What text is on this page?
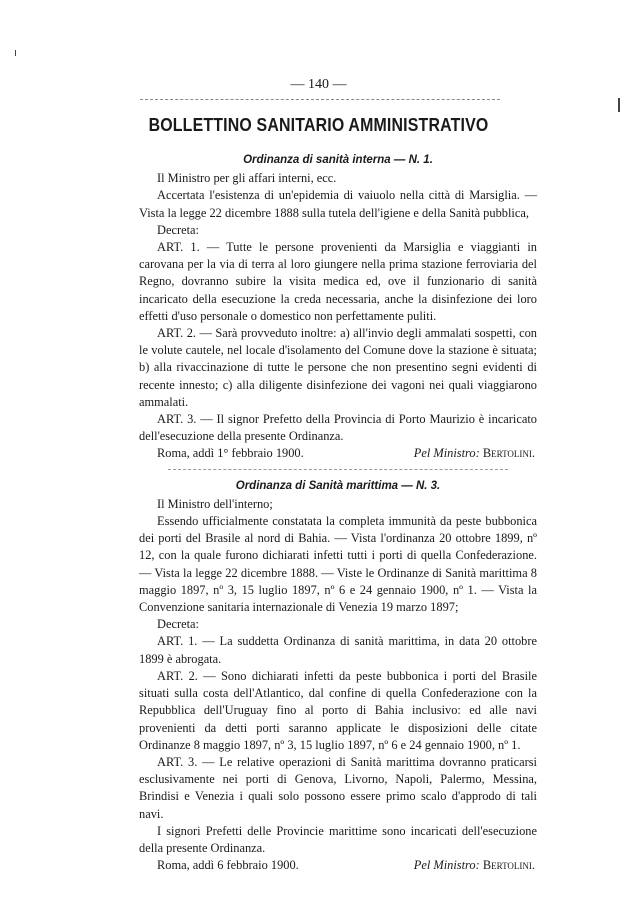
— 140 —
BOLLETTINO SANITARIO AMMINISTRATIVO
Ordinanza di sanità interna — N. 1.

Il Ministro per gli affari interni, ecc.

Accertata l'esistenza di un'epidemia di vaiuolo nella città di Marsiglia. — Vista la legge 22 dicembre 1888 sulla tutela dell'igiene e della Sanità pubblica,

Decreta:

ART. 1. — Tutte le persone provenienti da Marsiglia e viaggianti in carovana per la via di terra al loro giungere nella prima stazione ferroviaria del Regno, dovranno subire la visita medica ed, ove il funzionario di sanità incaricato della esecuzione la creda necessaria, anche la disinfezione dei loro effetti d'uso personale o domestico non perfettamente puliti.

ART. 2. — Sarà provveduto inoltre: a) all'invio degli ammalati sospetti, con le volute cautele, nel locale d'isolamento del Comune dove la stazione è situata; b) alla rivaccinazione di tutte le persone che non presentino segni evidenti di recente innesto; c) alla diligente disinfezione dei vagoni nei quali viaggiarono ammalati.

ART. 3. — Il signor Prefetto della Provincia di Porto Maurizio è incaricato dell'esecuzione della presente Ordinanza.

Roma, addì 1° febbraio 1900.	Pel Ministro: Bertolini.
Ordinanza di Sanità marittima — N. 3.

Il Ministro dell'interno;

Essendo ufficialmente constatata la completa immunità da peste bubbonica dei porti del Brasile al nord di Bahia. — Vista l'ordinanza 20 ottobre 1899, nº 12, con la quale furono dichiarati infetti tutti i porti di quella Confederazione. — Vista la legge 22 dicembre 1888. — Viste le Ordinanze di Sanità marittima 8 maggio 1897, nº 3, 15 luglio 1897, nº 6 e 24 gennaio 1900, nº 1. — Vista la Convenzione sanitaria internazionale di Venezia 19 marzo 1897;

Decreta:

ART. 1. — La suddetta Ordinanza di sanità marittima, in data 20 ottobre 1899 è abrogata.

ART. 2. — Sono dichiarati infetti da peste bubbonica i porti del Brasile situati sulla costa dell'Atlantico, dal confine di quella Confederazione con la Repubblica dell'Uruguay fino al porto di Bahia inclusivo: ed alle navi provenienti da detti porti saranno applicate le disposizioni delle citate Ordinanze 8 maggio 1897, nº 3, 15 luglio 1897, nº 6 e 24 gennaio 1900, nº 1.

ART. 3. — Le relative operazioni di Sanità marittima dovranno praticarsi esclusivamente nei porti di Genova, Livorno, Napoli, Palermo, Messina, Brindisi e Venezia i quali solo possono essere primo scalo d'approdo di tali navi.

I signori Prefetti delle Provincie marittime sono incaricati dell'esecuzione della presente Ordinanza.

Roma, addì 6 febbraio 1900.	Pel Ministro: Bertolini.
